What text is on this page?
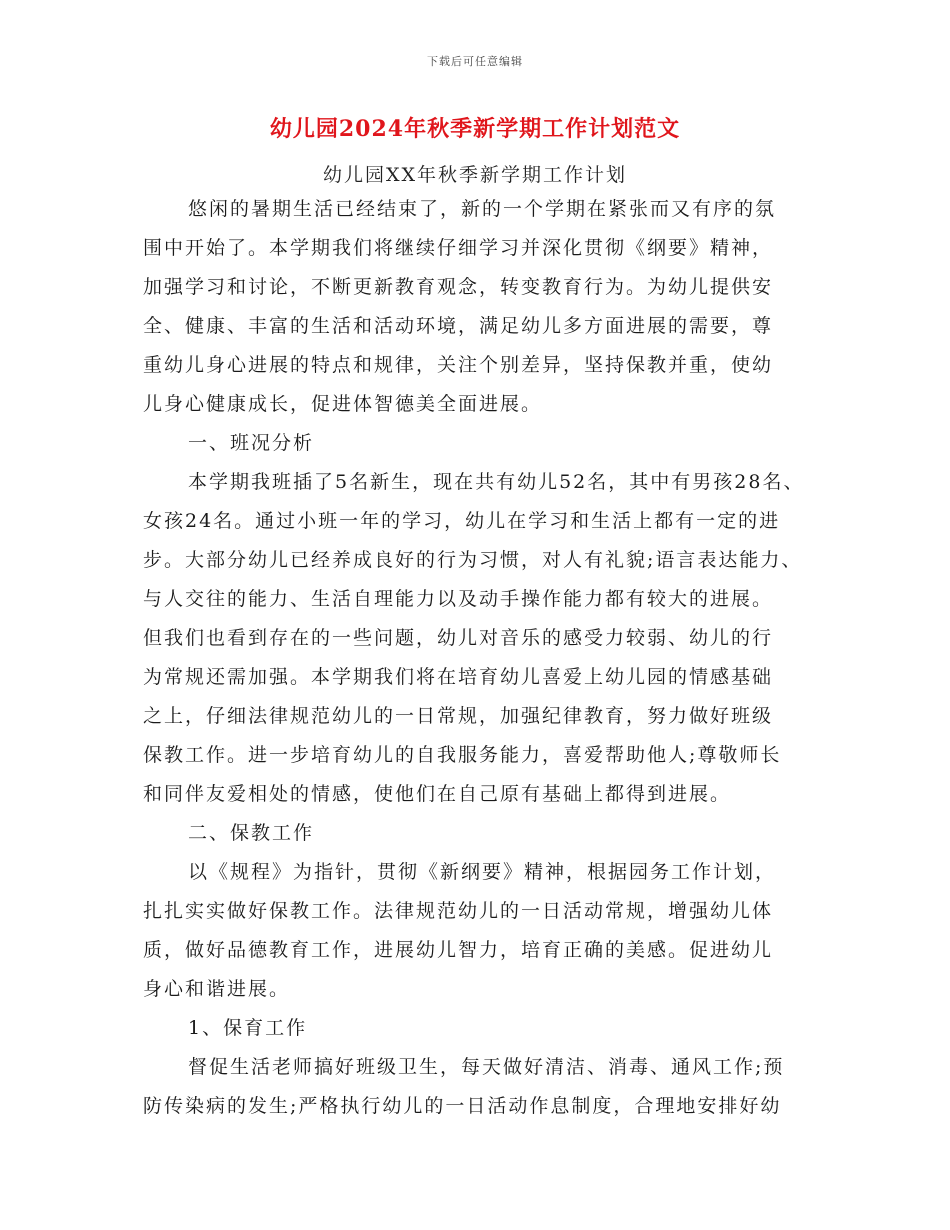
下载后可任意编辑
幼儿园2024年秋季新学期工作计划范文
幼儿园XX年秋季新学期工作计划
悠闲的暑期生活已经结束了，新的一个学期在紧张而又有序的氛
围中开始了。本学期我们将继续仔细学习并深化贯彻《纲要》精神，
加强学习和讨论，不断更新教育观念，转变教育行为。为幼儿提供安
全、健康、丰富的生活和活动环境，满足幼儿多方面进展的需要，尊
重幼儿身心进展的特点和规律，关注个别差异，坚持保教并重，使幼
儿身心健康成长，促进体智德美全面进展。
一、班况分析
本学期我班插了5名新生，现在共有幼儿52名，其中有男孩28名、
女孩24名。通过小班一年的学习，幼儿在学习和生活上都有一定的进
步。大部分幼儿已经养成良好的行为习惯，对人有礼貌;语言表达能力、
与人交往的能力、生活自理能力以及动手操作能力都有较大的进展。
但我们也看到存在的一些问题，幼儿对音乐的感受力较弱、幼儿的行
为常规还需加强。本学期我们将在培育幼儿喜爱上幼儿园的情感基础
之上，仔细法律规范幼儿的一日常规，加强纪律教育，努力做好班级
保教工作。进一步培育幼儿的自我服务能力，喜爱帮助他人;尊敬师长
和同伴友爱相处的情感，使他们在自己原有基础上都得到进展。
二、保教工作
以《规程》为指针，贯彻《新纲要》精神，根据园务工作计划，
扎扎实实做好保教工作。法律规范幼儿的一日活动常规，增强幼儿体
质，做好品德教育工作，进展幼儿智力，培育正确的美感。促进幼儿
身心和谐进展。
1、保育工作
督促生活老师搞好班级卫生，每天做好清洁、消毒、通风工作;预
防传染病的发生;严格执行幼儿的一日活动作息制度，合理地安排好幼
